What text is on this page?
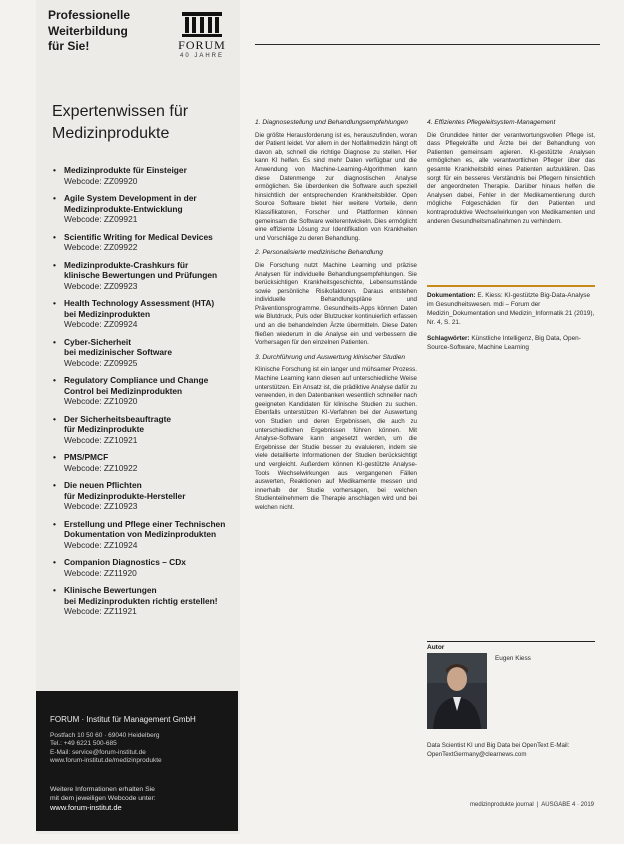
Professionelle
Weiterbildung
für Sie!	FORUM
40 JAHRE
Expertenwissen für
Medizinprodukte
• Medizinprodukte für Einsteiger
Webcode: ZZ09920
• Agile System Development in der
Medizinprodukte-Entwicklung
Webcode: ZZ09921
• Scientific Writing for Medical Devices
Webcode: ZZ09922
• Medizinprodukte-Crashkurs für
klinische Bewertungen und Prüfungen
Webcode: ZZ09923
• Health Technology Assessment (HTA)
bei Medizinprodukten
Webcode: ZZ09924
• Cyber-Sicherheit
bei medizinischer Software
Webcode: ZZ09925
• Regulatory Compliance und Change
Control bei Medizinprodukten
Webcode: ZZ10920
• Der Sicherheitsbeauftragte
für Medizinprodukte
Webcode: ZZ10921
• PMS/PMCF
Webcode: ZZ10922
• Die neuen Pflichten
für Medizinprodukte-Hersteller
Webcode: ZZ10923
• Erstellung und Pflege einer Technischen
Dokumentation von Medizinprodukten
Webcode: ZZ10924
• Companion Diagnostics – CDx
Webcode: ZZ11920
• Klinische Bewertungen
bei Medizinprodukten richtig erstellen!
Webcode: ZZ11921
FORUM · Institut für Management GmbH
Postfach 10 50 60 · 69040 Heidelberg
Tel.: +49 6221 500-685
E-Mail: service@forum-institut.de
www.forum-institut.de/medizinprodukte
Weitere Informationen erhalten Sie
mit dem jeweiligen Webcode unter:
www.forum-institut.de
1. Diagnosestellung und Behandlungsempfehlungen

Die größte Herausforderung ist es, herauszufinden, woran der Patient leidet. Vor allem in der Notfallmedizin hängt oft davon ab, schnell die richtige Diagnose zu stellen. Hier kann KI helfen. Es sind mehr Daten verfügbar und die Anwendung von Machine-Learning-Algorithmen kann diese Datenmenge zur diagnostischen Analyse ermöglichen. Sie überdenken die Software auch speziell hinsichtlich der entsprechenden Krankheitsbilder. Open Source Software bietet hier weitere Vorteile, denn Klassifikatoren, Forscher und Plattformen können gemeinsam die Software weiterentwickeln. Dies ermöglicht eine effiziente Lösung zur Identifikation von Krankheiten und Vorschläge zu deren Behandlung.

2. Personalisierte medizinische Behandlung

Die Forschung nutzt Machine Learning und präzise Analysen für individuelle Behandlungsempfehlungen. Sie berücksichtigen Krankheitsgeschichte, Lebensumstände sowie persönliche Risikofaktoren. Daraus entstehen individuelle Behandlungspläne und Präventionsprogramme. Gesundheits-Apps können Daten wie Blutdruck, Puls oder Blutzucker kontinuierlich erfassen und an die behandelnden Ärzte übermitteln. Diese Daten fließen wiederum in die Analyse ein und verbessern die Vorhersagen für den einzelnen Patienten.

3. Durchführung und Auswertung klinischer Studien

Klinische Forschung ist ein langer und mühsamer Prozess. Machine Learning kann diesen auf unterschiedliche Weise unterstützen. Ein Ansatz ist, die prädiktive Analyse dafür zu verwenden, in den Datenbanken wesentlich schneller nach geeigneten Kandidaten für klinische Studien zu suchen. Ebenfalls unterstützen KI-Verfahren bei der Auswertung von Studien und deren Ergebnissen, die auch zu unterschiedlichen Ergebnissen führen können. Mit Analyse-Software kann angesetzt werden, um die Ergebnisse der Studie besser zu evaluieren, indem sie viele detaillierte Informationen der Studien berücksichtigt und vergleicht. Außerdem können KI-gestützte Analyse-Tools Wechselwirkungen aus vergangenen Fällen auswerten, Reaktionen auf Medikamente messen und innerhalb der Studie vorhersagen, bei welchen Studienteilnehmern die Therapie anschlagen wird und bei welchen nicht.

4. Effizientes Pflegeleitsystem-Management

Die Grundidee hinter der verantwortungsvollen Pflege ist, dass Pflegekräfte und Ärzte bei der Behandlung von Patienten gemeinsam agieren. KI-gestützte Analysen ermöglichen es, alle verantwortlichen Pfleger über das gesamte Krankheitsbild eines Patienten aufzuklären. Das sorgt für ein besseres Verständnis bei Pflegern hinsichtlich der angeordneten Therapie. Darüber hinaus helfen die Analysen dabei, Fehler in der Medikamentierung durch mögliche Folgeschäden für den Patienten und kontraproduktive Wechselwirkungen von Medikamenten und anderen Gesundheitsmaßnahmen zu verhindern.

Dokumentation: E. Kiess: KI-gestützte Big-Data-Analyse im Gesundheitswesen. mdi – Forum der Medizin_Dokumentation und Medizin_Informatik 21 (2019), Nr. 4, S. 21.
Schlagwörter: Künstliche Intelligenz, Big Data, Open-Source-Software, Machine Learning
Autor
Eugen Kiess
Data Scientist KI und Big Data bei OpenText E-Mail: OpenTextGermany@clearnews.com
medizinprodukte journal | AUSGABE 4 · 2019
